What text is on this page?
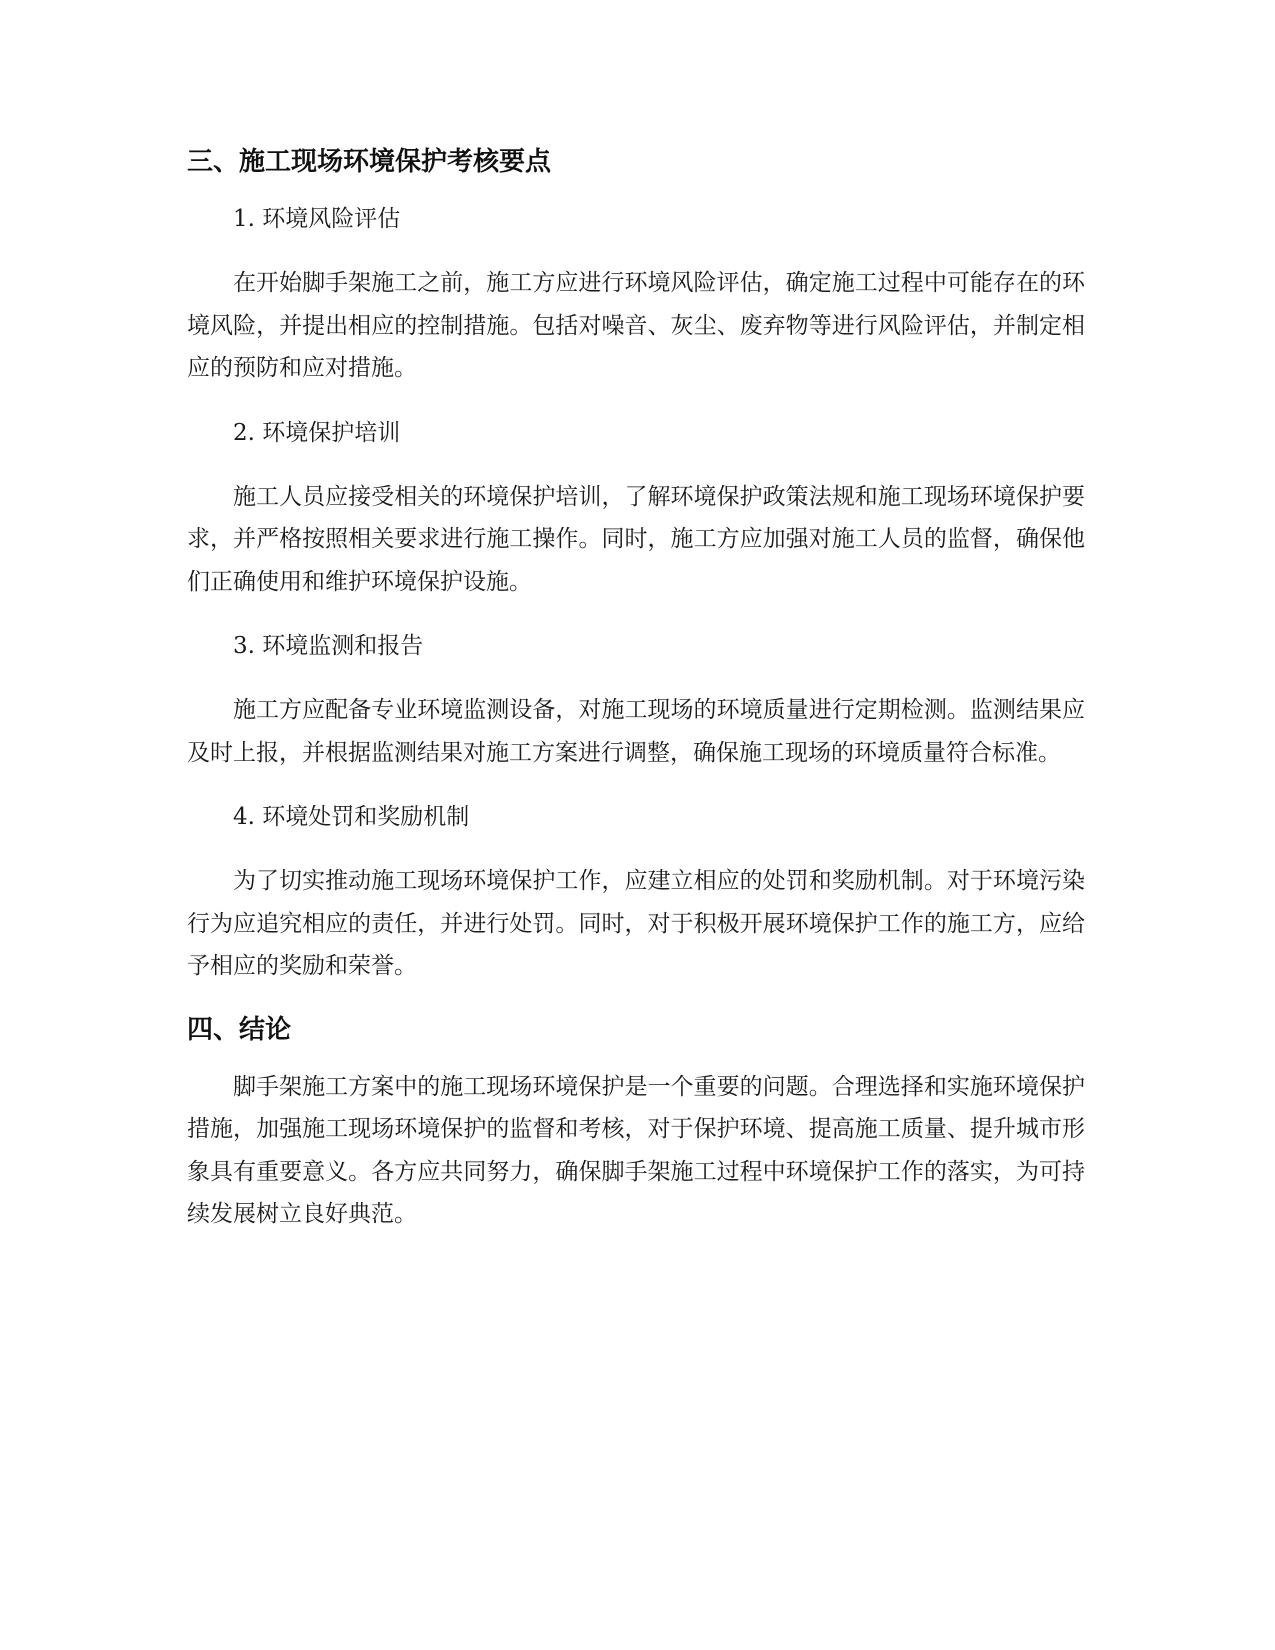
三、施工现场环境保护考核要点

1. 环境风险评估

在开始脚手架施工之前，施工方应进行环境风险评估，确定施工过程中可能存在的环境风险，并提出相应的控制措施。包括对噪音、灰尘、废弃物等进行风险评估，并制定相应的预防和应对措施。

2. 环境保护培训

施工人员应接受相关的环境保护培训，了解环境保护政策法规和施工现场环境保护要求，并严格按照相关要求进行施工操作。同时，施工方应加强对施工人员的监督，确保他们正确使用和维护环境保护设施。

3. 环境监测和报告

施工方应配备专业环境监测设备，对施工现场的环境质量进行定期检测。监测结果应及时上报，并根据监测结果对施工方案进行调整，确保施工现场的环境质量符合标准。

4. 环境处罚和奖励机制

为了切实推动施工现场环境保护工作，应建立相应的处罚和奖励机制。对于环境污染行为应追究相应的责任，并进行处罚。同时，对于积极开展环境保护工作的施工方，应给予相应的奖励和荣誉。

四、结论

脚手架施工方案中的施工现场环境保护是一个重要的问题。合理选择和实施环境保护措施，加强施工现场环境保护的监督和考核，对于保护环境、提高施工质量、提升城市形象具有重要意义。各方应共同努力，确保脚手架施工过程中环境保护工作的落实，为可持续发展树立良好典范。
